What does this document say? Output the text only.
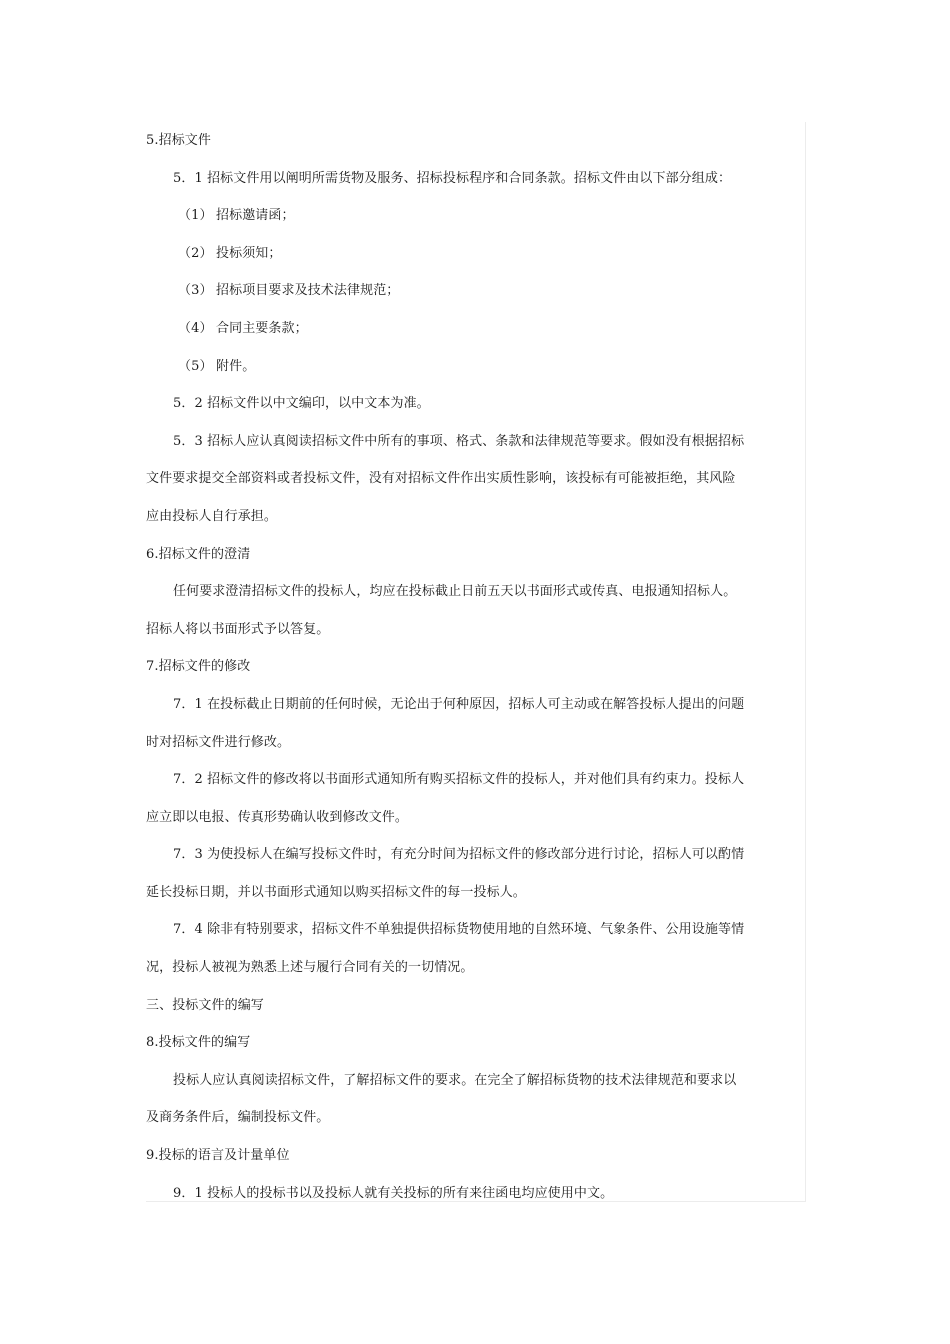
5.招标文件
5．1 招标文件用以阐明所需货物及服务、招标投标程序和合同条款。招标文件由以下部分组成：
（1） 招标邀请函；
（2） 投标须知；
（3） 招标项目要求及技术法律规范；
（4） 合同主要条款；
（5） 附件。
5．2 招标文件以中文编印，以中文本为准。
5．3 招标人应认真阅读招标文件中所有的事项、格式、条款和法律规范等要求。假如没有根据招标
文件要求提交全部资料或者投标文件，没有对招标文件作出实质性影响，该投标有可能被拒绝，其风险
应由投标人自行承担。
6.招标文件的澄清
任何要求澄清招标文件的投标人，均应在投标截止日前五天以书面形式或传真、电报通知招标人。
招标人将以书面形式予以答复。
7.招标文件的修改
7．1 在投标截止日期前的任何时候，无论出于何种原因，招标人可主动或在解答投标人提出的问题
时对招标文件进行修改。
7．2 招标文件的修改将以书面形式通知所有购买招标文件的投标人，并对他们具有约束力。投标人
应立即以电报、传真形势确认收到修改文件。
7．3 为使投标人在编写投标文件时，有充分时间为招标文件的修改部分进行讨论，招标人可以酌情
延长投标日期，并以书面形式通知以购买招标文件的每一投标人。
7．4 除非有特别要求，招标文件不单独提供招标货物使用地的自然环境、气象条件、公用设施等情
况，投标人被视为熟悉上述与履行合同有关的一切情况。
三、投标文件的编写
8.投标文件的编写
投标人应认真阅读招标文件，了解招标文件的要求。在完全了解招标货物的技术法律规范和要求以
及商务条件后，编制投标文件。
9.投标的语言及计量单位
9．1 投标人的投标书以及投标人就有关投标的所有来往函电均应使用中文。
